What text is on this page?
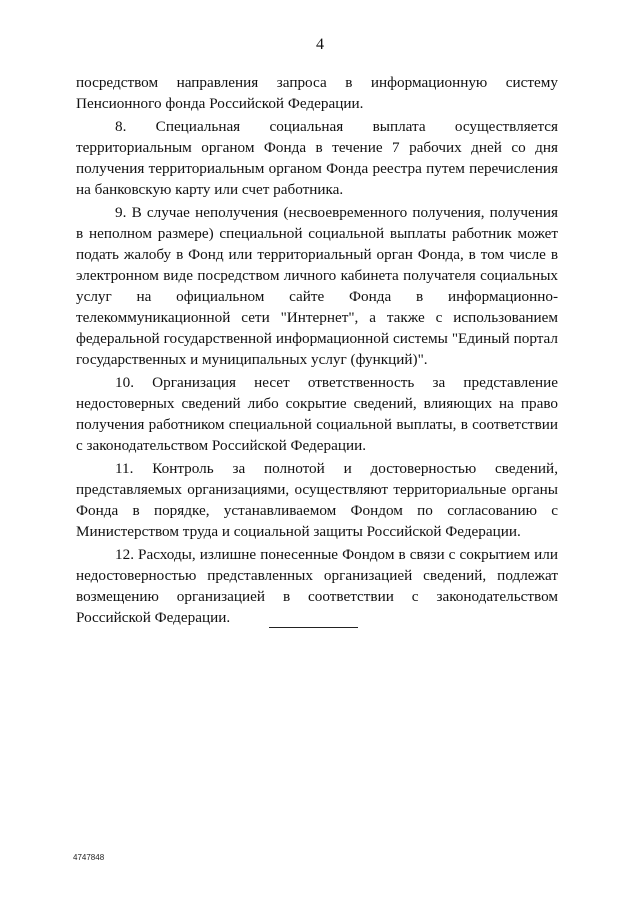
4

посредством направления запроса в информационную систему Пенсионного фонда Российской Федерации.

8. Специальная социальная выплата осуществляется территориальным органом Фонда в течение 7 рабочих дней со дня получения территориальным органом Фонда реестра путем перечисления на банковскую карту или счет работника.

9. В случае неполучения (несвоевременного получения, получения в неполном размере) специальной социальной выплаты работник может подать жалобу в Фонд или территориальный орган Фонда, в том числе в электронном виде посредством личного кабинета получателя социальных услуг на официальном сайте Фонда в информационно-телекоммуникационной сети "Интернет", а также с использованием федеральной государственной информационной системы "Единый портал государственных и муниципальных услуг (функций)".

10. Организация несет ответственность за представление недостоверных сведений либо сокрытие сведений, влияющих на право получения работником специальной социальной выплаты, в соответствии с законодательством Российской Федерации.

11. Контроль за полнотой и достоверностью сведений, представляемых организациями, осуществляют территориальные органы Фонда в порядке, устанавливаемом Фондом по согласованию с Министерством труда и социальной защиты Российской Федерации.

12. Расходы, излишне понесенные Фондом в связи с сокрытием или недостоверностью представленных организацией сведений, подлежат возмещению организацией в соответствии с законодательством Российской Федерации.

4747848
